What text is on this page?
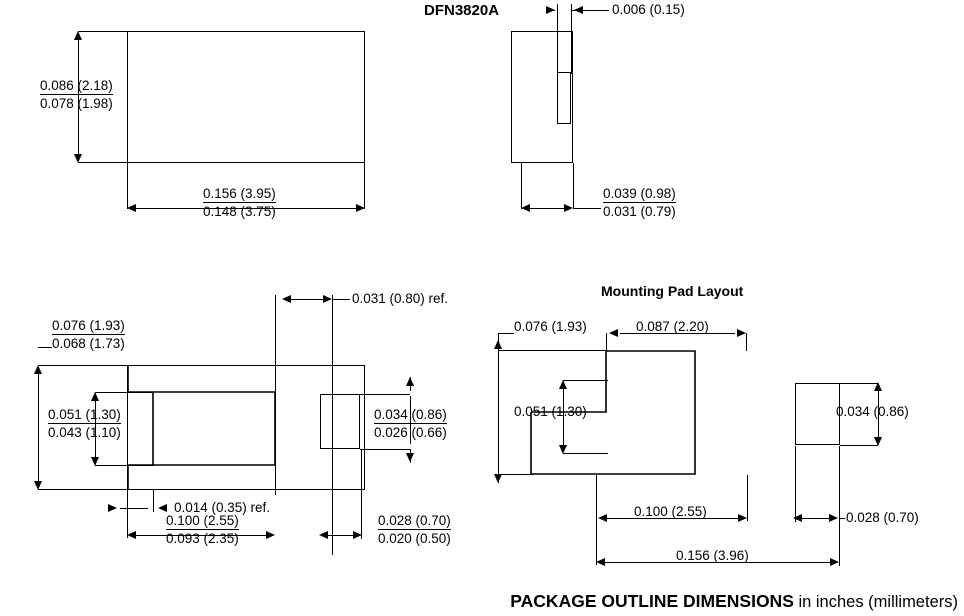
DFN3820A
0.086 (2.18)
0.078 (1.98)
0.156 (3.95)
0.148 (3.75)
0.006 (0.15)
0.039 (0.98)
0.031 (0.79)
0.031 (0.80) ref.
0.076 (1.93)
0.068 (1.73)
0.051 (1.30)
0.043 (1.10)
0.034 (0.86)
0.026 (0.66)
0.014 (0.35) ref.
0.100 (2.55)
0.093 (2.35)
0.028 (0.70)
0.020 (0.50)
Mounting Pad Layout
0.076 (1.93)	0.087 (2.20)
0.051 (1.30)
0.100 (2.55)
0.156 (3.96)
0.034 (0.86)
0.028 (0.70)
PACKAGE OUTLINE DIMENSIONS in inches (millimeters)
